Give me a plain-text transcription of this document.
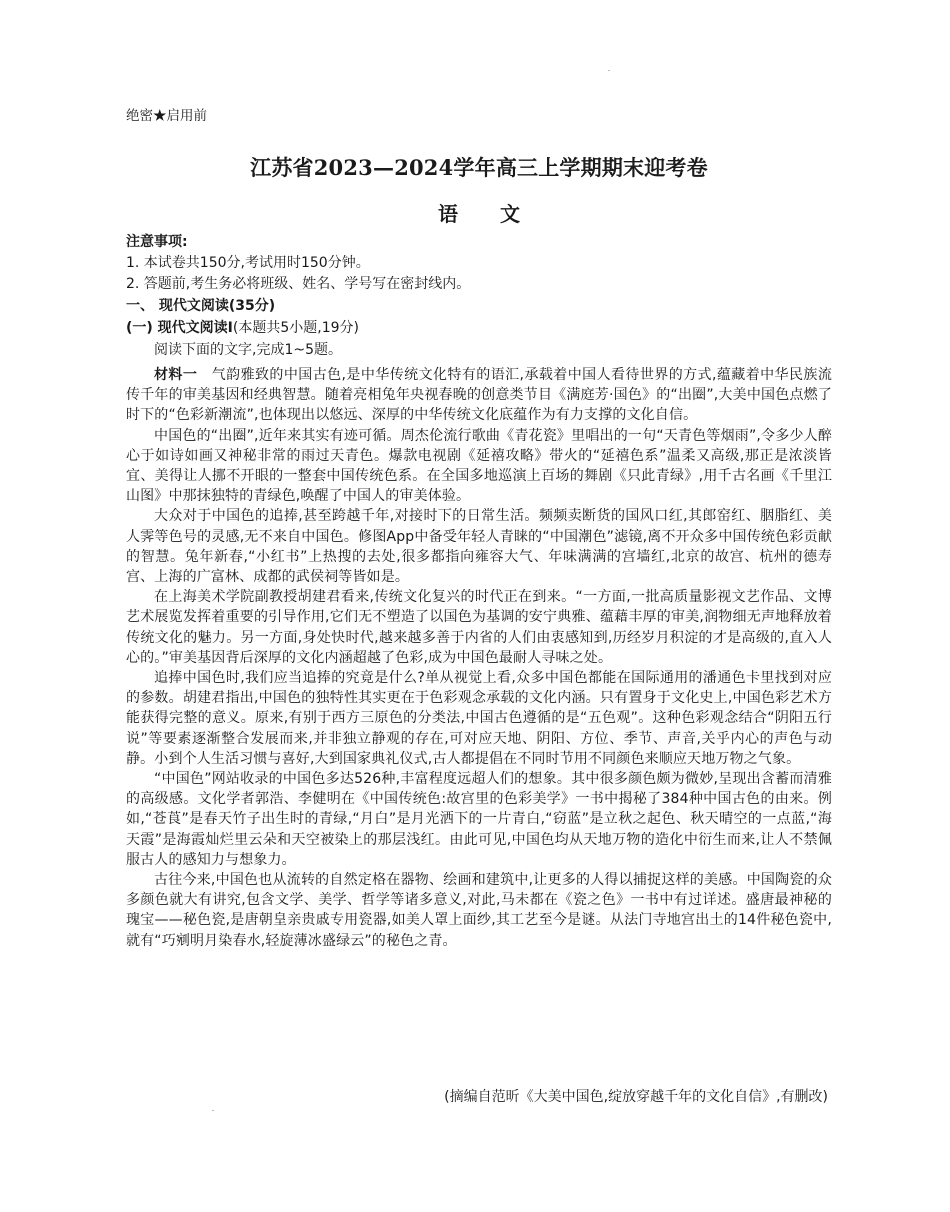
绝密★启用前
江苏省2023—2024学年高三上学期期末迎考卷
语 文
注意事项:
1. 本试卷共150分,考试用时150分钟。
2. 答题前,考生务必将班级、姓名、学号写在密封线内。
一、 现代文阅读(35分)
(一) 现代文阅读Ⅰ(本题共5小题,19分)
阅读下面的文字,完成1~5题。

材料一　 气韵雅致的中国古色,是中华传统文化特有的语汇,承载着中国人看待世界的方式,蕴藏着中华民族流传千年的审美基因和经典智慧。随着亮相兔年央视春晚的创意类节目《满庭芳·国色》的“出圈”,大美中国色点燃了时下的“色彩新潮流”,也体现出以悠远、深厚的中华传统文化底蕴作为有力支撑的文化自信。

中国色的“出圈”,近年来其实有迹可循。周杰伦流行歌曲《青花瓷》里唱出的一句“天青色等烟雨”,令多少人醉心于如诗如画又神秘非常的雨过天青色。爆款电视剧《延禧攻略》带火的“延禧色系”温柔又高级,那正是浓淡皆宜、美得让人挪不开眼的一整套中国传统色系。在全国多地巡演上百场的舞剧《只此青绿》,用千古名画《千里江山图》中那抹独特的青绿色,唤醒了中国人的审美体验。

大众对于中国色的追捧,甚至跨越千年,对接时下的日常生活。频频卖断货的国风口红,其郎窑红、胭脂红、美人霁等色号的灵感,无不来自中国色。修图App中备受年轻人青睐的“中国潮色”滤镜,离不开众多中国传统色彩贡献的智慧。兔年新春,“小红书”上热搜的去处,很多都指向雍容大气、年味满满的宫墙红,北京的故宫、杭州的德寿宫、上海的广富林、成都的武侯祠等皆如是。

在上海美术学院副教授胡建君看来,传统文化复兴的时代正在到来。“一方面,一批高质量影视文艺作品、文博艺术展览发挥着重要的引导作用,它们无不塑造了以国色为基调的安宁典雅、蕴藉丰厚的审美,润物细无声地释放着传统文化的魅力。另一方面,身处快时代,越来越多善于内省的人们由衷感知到,历经岁月积淀的才是高级的,直入人心的。”审美基因背后深厚的文化内涵超越了色彩,成为中国色最耐人寻味之处。

追捧中国色时,我们应当追捧的究竟是什么?单从视觉上看,众多中国色都能在国际通用的潘通色卡里找到对应的参数。胡建君指出,中国色的独特性其实更在于色彩观念承载的文化内涵。只有置身于文化史上,中国色彩艺术方能获得完整的意义。原来,有别于西方三原色的分类法,中国古色遵循的是“五色观”。这种色彩观念结合“阴阳五行说”等要素逐渐整合发展而来,并非独立静观的存在,可对应天地、阴阳、方位、季节、声音,关乎内心的声色与动静。小到个人生活习惯与喜好,大到国家典礼仪式,古人都提倡在不同时节用不同颜色来顺应天地万物之气象。

“中国色”网站收录的中国色多达526种,丰富程度远超人们的想象。其中很多颜色颇为微妙,呈现出含蓄而清雅的高级感。文化学者郭浩、李健明在《中国传统色:故宫里的色彩美学》一书中揭秘了384种中国古色的由来。例如,“苍莨”是春天竹子出生时的青绿,“月白”是月光洒下的一片青白,“窃蓝”是立秋之起色、秋天晴空的一点蓝,“海天霞”是海霞灿烂里云朵和天空被染上的那层浅红。由此可见,中国色均从天地万物的造化中衍生而来,让人不禁佩服古人的感知力与想象力。

古往今来,中国色也从流转的自然定格在器物、绘画和建筑中,让更多的人得以捕捉这样的美感。中国陶瓷的众多颜色就大有讲究,包含文学、美学、哲学等诸多意义,对此,马未都在《瓷之色》一书中有过详述。盛唐最神秘的瑰宝——秘色瓷,是唐朝皇亲贵戚专用瓷器,如美人罩上面纱,其工艺至今是谜。从法门寺地宫出土的14件秘色瓷中,就有“巧剜明月染春水,轻旋薄冰盛绿云”的秘色之青。

(摘编自范昕《大美中国色,绽放穿越千年的文化自信》,有删改)
